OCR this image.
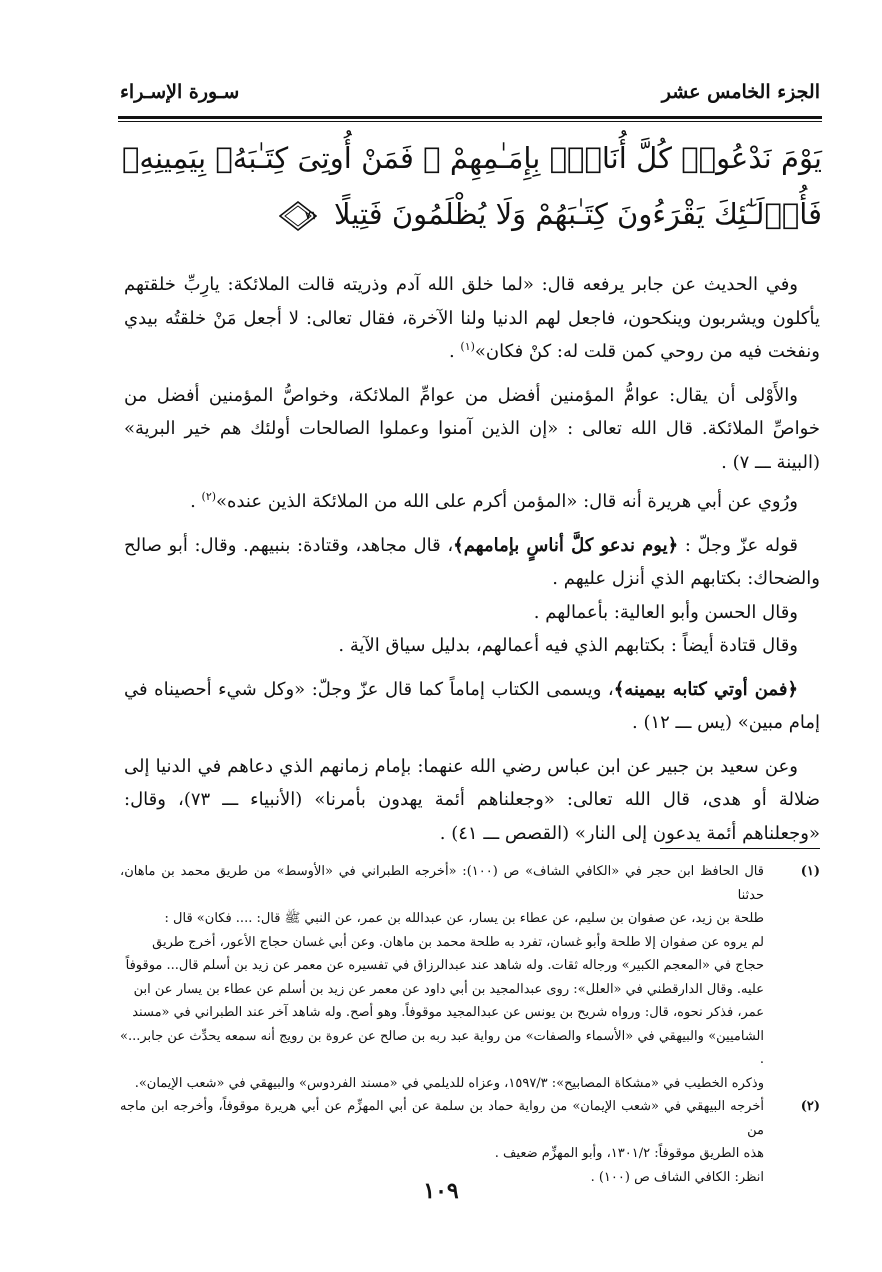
الجزء الخامس عشر
سـورة الإسـراء
يَوْمَ نَدْعُوا۟ كُلَّ أُنَاسٍۭ بِإِمَـٰمِهِمْ ۖ فَمَنْ أُوتِىَ كِتَـٰبَهُۥ بِيَمِينِهِۦ فَأُو۟لَـٰٓئِكَ يَقْرَءُونَ كِتَـٰبَهُمْ وَلَا يُظْلَمُونَ فَتِيلًا
٧١

وفي الحديث عن جابر يرفعه قال: «لما خلق الله آدم وذريته قالت الملائكة: يارِبِّ خلقتهم يأكلون ويشربون وينكحون، فاجعل لهم الدنيا ولنا الآخرة، فقال تعالى: لا أجعل مَنْ خلقتُه بيدي ونفخت فيه من روحي كمن قلت له: كنْ فكان»$^{(١)}$ .

والأَوْلى أن يقال: عوامُّ المؤمنين أفضل من عوامِّ الملائكة، وخواصُّ المؤمنين أفضل من خواصِّ الملائكة. قال الله تعالى : «إن الذين آمنوا وعملوا الصالحات أولئك هم خير البرية» (البينة ـــ ٧) .

ورُوي عن أبي هريرة أنه قال: «المؤمن أكرم على الله من الملائكة الذين عنده»$^{(٢)}$ .

قوله عزّ وجلّ : ﴿يوم ندعو كلَّ أناسٍ بإمامهم﴾، قال مجاهد، وقتادة: بنبيهم. وقال: أبو صالح والضحاك: بكتابهم الذي أنزل عليهم .

وقال الحسن وأبو العالية: بأعمالهم .

وقال قتادة أيضاً : بكتابهم الذي فيه أعمالهم، بدليل سياق الآية .

﴿فمن أوتي كتابه بيمينه﴾، ويسمى الكتاب إماماً كما قال عزّ وجلّ: «وكل شيء أحصيناه في إمام مبين» (يس ـــ ١٢) .

وعن سعيد بن جبير عن ابن عباس رضي الله عنهما: بإمام زمانهم الذي دعاهم في الدنيا إلى ضلالة أو هدى، قال الله تعالى: «وجعلناهم أئمة يهدون بأمرنا» (الأنبياء ـــ ٧٣)، وقال: «وجعلناهم أئمة يدعون إلى النار» (القصص ـــ ٤١) .

(١)
قال الحافظ ابن حجر في «الكافي الشاف» ص (١٠٠): «أخرجه الطبراني في «الأوسط» من طريق محمد بن ماهان، حدثنا
طلحة بن زيد، عن صفوان بن سليم، عن عطاء بن يسار، عن عبدالله بن عمر، عن النبي ﷺ قال: .... فكان» قال :
لم يروه عن صفوان إلا طلحة وأبو غسان، تفرد به طلحة محمد بن ماهان. وعن أبي غسان حجاج الأعور، أخرج طريق
حجاج في «المعجم الكبير» ورجاله ثقات. وله شاهد عند عبدالرزاق في تفسيره عن معمر عن زيد بن أسلم قال... موقوفاً
عليه. وقال الدارقطني في «العلل»: روى عبدالمجيد بن أبي داود عن معمر عن زيد بن أسلم عن عطاء بن يسار عن ابن
عمر، فذكر نحوه، قال: ورواه شريح بن يونس عن عبدالمجيد موقوفاً. وهو أصح. وله شاهد آخر عند الطبراني في «مسند
الشاميين» والبيهقي في «الأسماء والصفات» من رواية عبد ربه بن صالح عن عروة بن رويج أنه سمعه يحدِّث عن جابر...» .
وذكره الخطيب في «مشكاة المصابيح»: ١٥٩٧/٣، وعزاه للديلمي في «مسند الفردوس» والبيهقي في «شعب الإيمان».
(٢)
أخرجه البيهقي في «شعب الإيمان» من رواية حماد بن سلمة عن أبي المهزِّم عن أبي هريرة موقوفاً، وأخرجه ابن ماجه من
هذه الطريق موقوفاً: ١٣٠١/٢، وأبو المهزِّم ضعيف .
انظر: الكافي الشاف ص (١٠٠) .
١٠٩
